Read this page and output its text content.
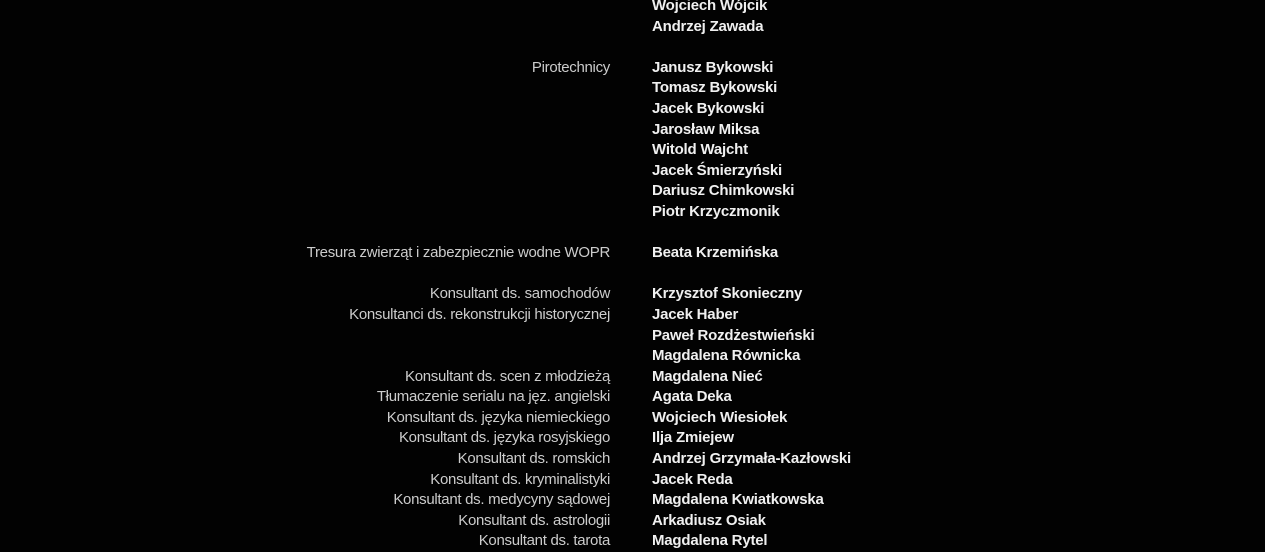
Wojciech Wójcik
Andrzej Zawada
Pirotechnicy	Janusz Bykowski
Tomasz Bykowski
Jacek Bykowski
Jarosław Miksa
Witold Wajcht
Jacek Śmierzyński
Dariusz Chimkowski
Piotr Krzyczmonik
Tresura zwierząt i zabezpiecznie wodne WOPR	Beata Krzemińska
Konsultant ds. samochodów	Krzysztof Skonieczny
Konsultanci ds. rekonstrukcji historycznej	Jacek Haber
Paweł Rozdżestwieński
Magdalena Równicka
Konsultant ds. scen z młodzieżą	Magdalena Nieć
Tłumaczenie serialu na jęz. angielski	Agata Deka
Konsultant ds. języka niemieckiego	Wojciech Wiesiołek
Konsultant ds. języka rosyjskiego	Ilja Zmiejew
Konsultant ds. romskich	Andrzej Grzymała-Kazłowski
Konsultant ds. kryminalistyki	Jacek Reda
Konsultant ds. medycyny sądowej	Magdalena Kwiatkowska
Konsultant ds. astrologii	Arkadiusz Osiak
Konsultant ds. tarota	Magdalena Rytel
